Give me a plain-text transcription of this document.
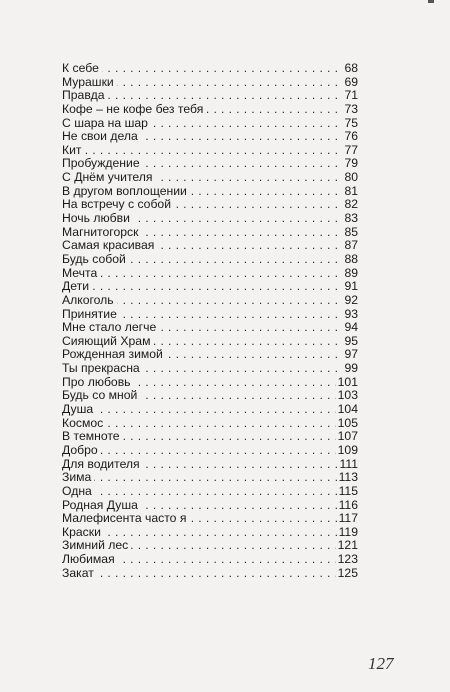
. . . К себе	68
. . . Мурашки	69
. . . Правда	71
. . . Кофе – не кофе без тебя	73
. . . С шара на шар	75
. . . Не свои дела	76
. . . Кит	77
. . . Пробуждение	79
. . . С Днём учителя	80
. . . В другом воплощении	81
. . . На встречу с собой	82
. . . Ночь любви	83
. . . Магнитогорск	85
. . . Самая красивая	87
. . . Будь собой	88
. . . Мечта	89
. . . Дети	91
. . . Алкоголь	92
. . . Принятие	93
. . . Мне стало легче	94
. . . Сияющий Храм	95
. . . Рожденная зимой	97
. . . Ты прекрасна	99
. . . Про любовь	101
. . . Будь со мной	103
. . . Душа	104
. . . Космос	105
. . . В темноте	107
. . . Добро	109
. . . Для водителя	111
. . . Зима	113
. . . Одна	115
. . . Родная Душа	116
. . . Малефисента часто я	117
. . . Краски	119
. . . Зимний лес	121
. . . Любимая	123
. . . Закат	125
127
